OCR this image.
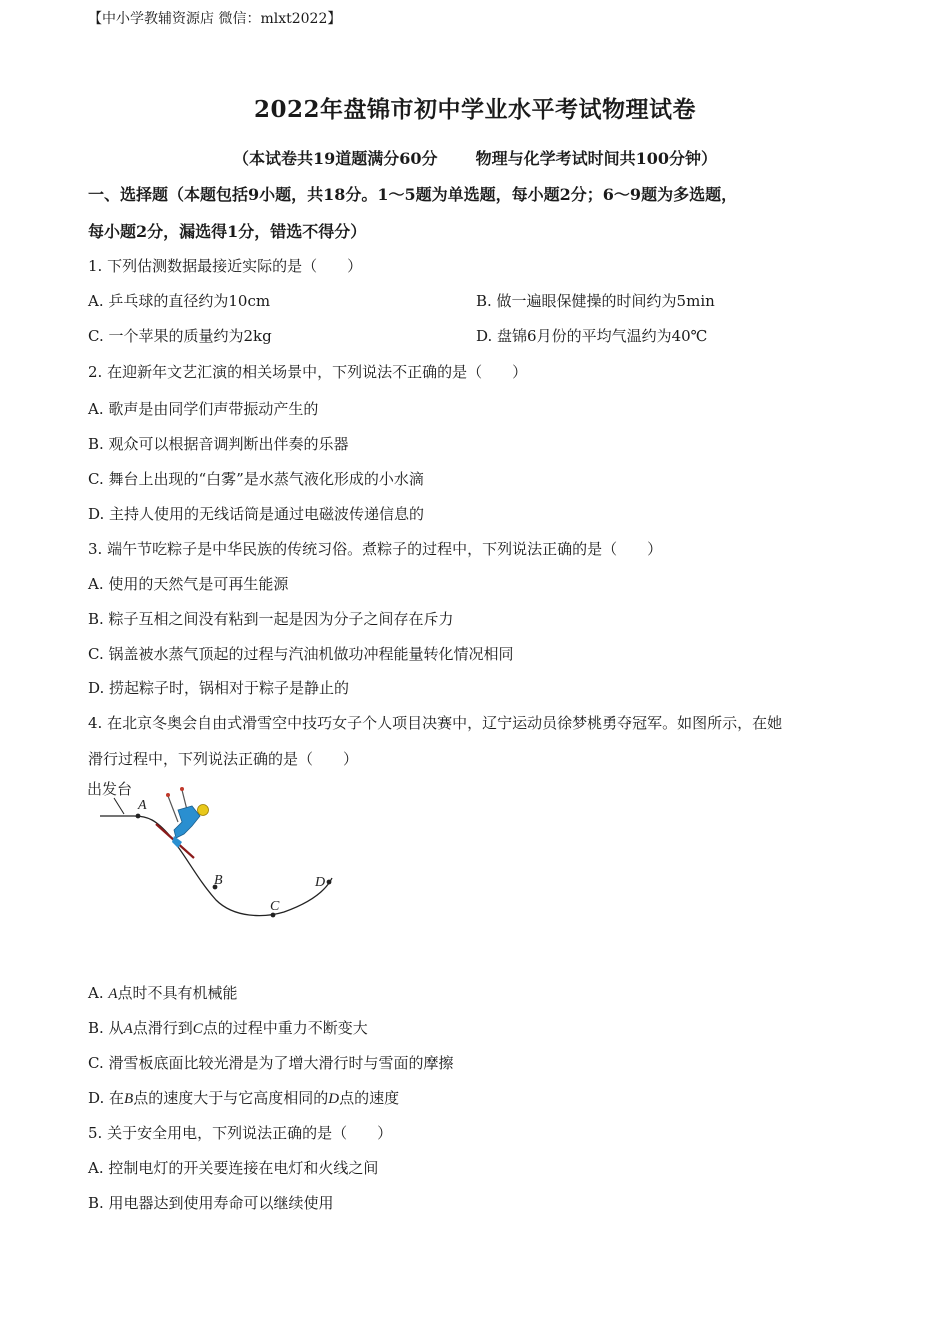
【中小学教辅资源店 微信：mlxt2022】
2022年盘锦市初中学业水平考试物理试卷
（本试卷共19道题满分60分 物理与化学考试时间共100分钟）
一、选择题（本题包括9小题，共18分。1～5题为单选题，每小题2分；6～9题为多选题，
每小题2分，漏选得1分，错选不得分）
1. 下列估测数据最接近实际的是（　　）
A. 乒乓球的直径约为10cm	B. 做一遍眼保健操的时间约为5min
C. 一个苹果的质量约为2kg	D. 盘锦6月份的平均气温约为40℃
2. 在迎新年文艺汇演的相关场景中，下列说法不正确的是（　　）
A. 歌声是由同学们声带振动产生的
B. 观众可以根据音调判断出伴奏的乐器
C. 舞台上出现的“白雾”是水蒸气液化形成的小水滴
D. 主持人使用的无线话筒是通过电磁波传递信息的
3. 端午节吃粽子是中华民族的传统习俗。煮粽子的过程中，下列说法正确的是（　　）
A. 使用的天然气是可再生能源
B. 粽子互相之间没有粘到一起是因为分子之间存在斥力
C. 锅盖被水蒸气顶起的过程与汽油机做功冲程能量转化情况相同
D. 捞起粽子时，锅相对于粽子是静止的
4. 在北京冬奥会自由式滑雪空中技巧女子个人项目决赛中，辽宁运动员徐梦桃勇夺冠军。如图所示，在她
滑行过程中，下列说法正确的是（　　）
出发台
A
B
C
D
A. A点时不具有机械能
B. 从A点滑行到C点的过程中重力不断变大
C. 滑雪板底面比较光滑是为了增大滑行时与雪面的摩擦
D. 在B点的速度大于与它高度相同的D点的速度
5. 关于安全用电，下列说法正确的是（　　）
A. 控制电灯的开关要连接在电灯和火线之间
B. 用电器达到使用寿命可以继续使用
